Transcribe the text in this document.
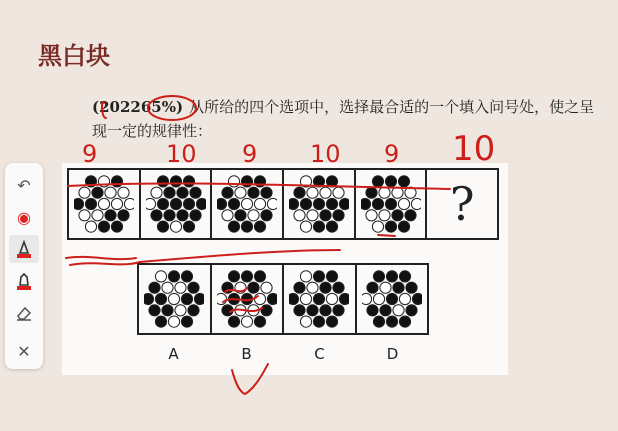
黑白块
(202265%) 从所给的四个选项中，选择最合适的一个填入问号处，使之呈现一定的规律性：
?
A	B	C	D
9	10 9 10 9 10
↶
◉
✕
